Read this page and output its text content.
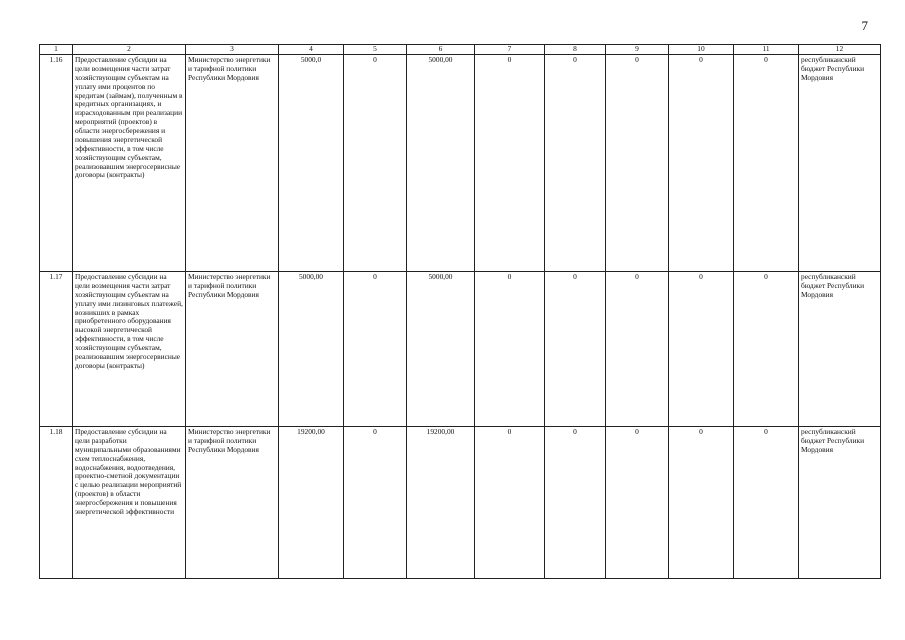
7
1	2	3	4	5	6	7	8	9	10	11	12
1.16	Предоставление субсидии на цели возмещения части затрат хозяйствующим субъектам на уплату ими процентов по кредитам (займам), полученным в кредитных организациях, и израсходованным при реализации мероприятий (проектов) в области энергосбережения и повышения энергетической эффективности, в том числе хозяйствующим субъектам, реализовавшим энергосервисные договоры (контракты)	Министерство энергетики и тарифной политики Республики Мордовия	5000,0	0	5000,00	0	0	0	0	0	республиканский бюджет Республики Мордовия
1.17	Предоставление субсидии на цели возмещения части затрат хозяйствующим субъектам на уплату ими лизинговых платежей, возникших в рамках приобретенного оборудования высокой энергетической эффективности, в том числе хозяйствующим субъектам, реализовавшим энергосервисные договоры (контракты)	Министерство энергетики и тарифной политики Республики Мордовия	5000,00	0	5000,00	0	0	0	0	0	республиканский бюджет Республики Мордовия
1.18	Предоставление субсидии на цели разработки муниципальными образованиями схем теплоснабжения, водоснабжения, водоотведения, проектно-сметной документации с целью реализации мероприятий (проектов) в области энергосбережения и повышения энергетической эффективности	Министерство энергетики и тарифной политики Республики Мордовия	19200,00	0	19200,00	0	0	0	0	0	республиканский бюджет Республики Мордовия
